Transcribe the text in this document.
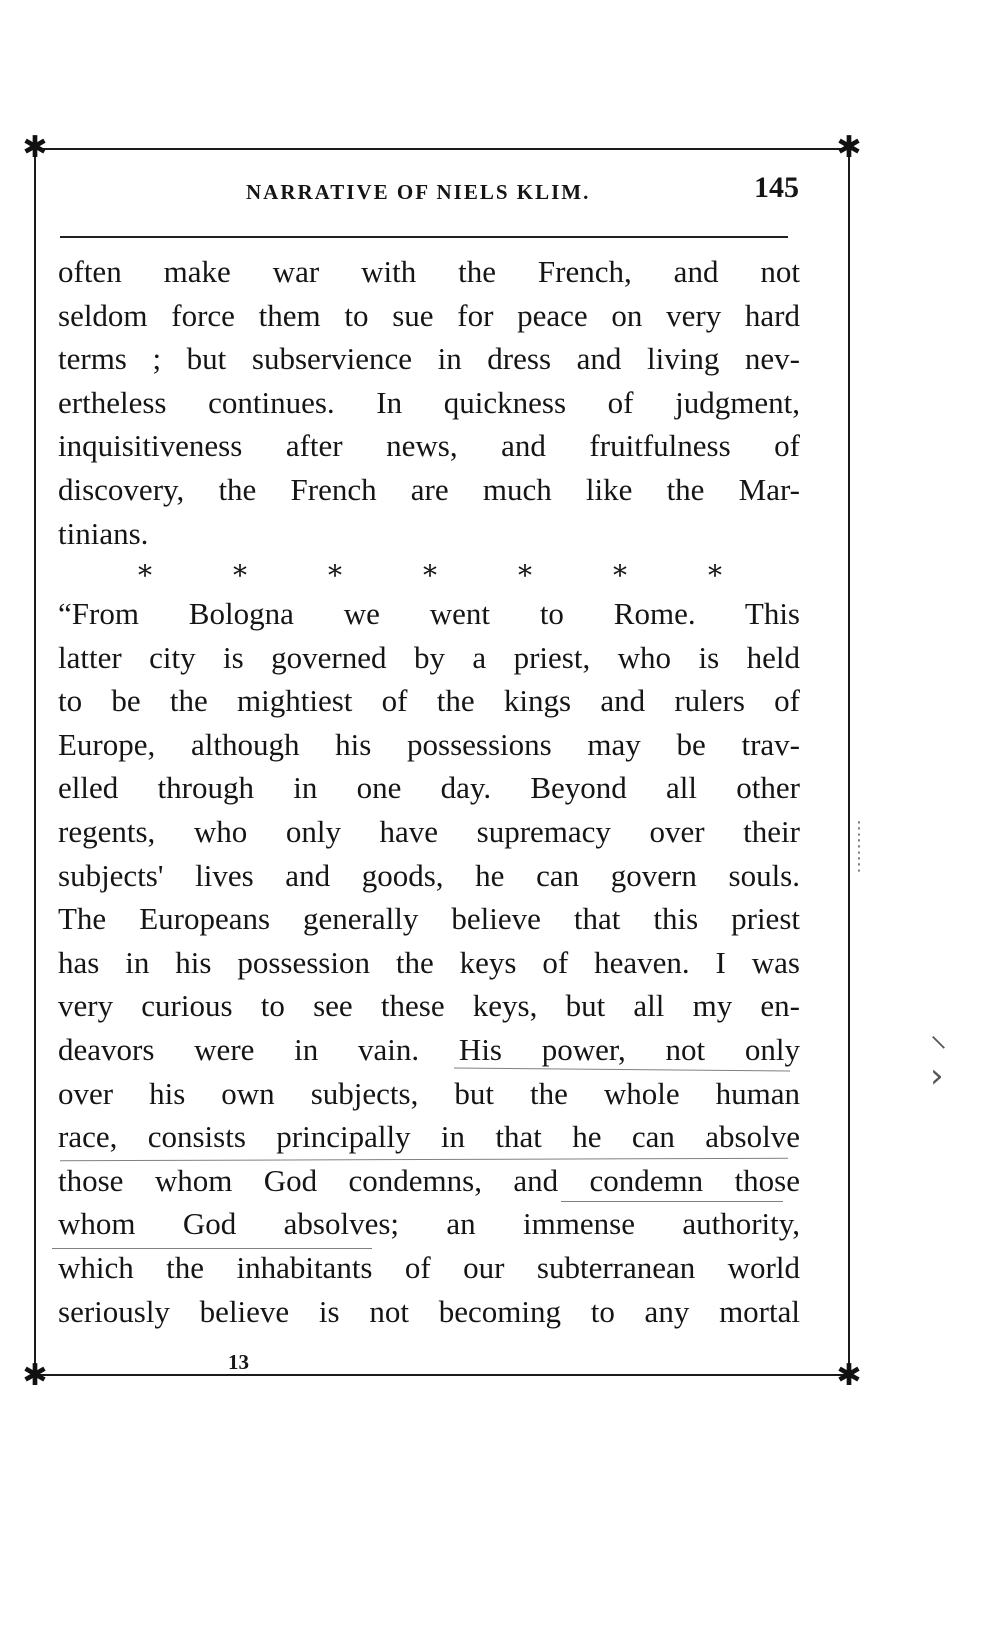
✱	✱
✱	✱
NARRATIVE OF NIELS KLIM.	145
often make war with the French, and not
seldom force them to sue for peace on very hard
terms ; but subservience in dress and living nev-
ertheless continues. In quickness of judgment,
inquisitiveness after news, and fruitfulness of
discovery, the French are much like the Mar-
tinians.
*	*	*	*	*	*	*
“From Bologna we went to Rome. This
latter city is governed by a priest, who is held
to be the mightiest of the kings and rulers of
Europe, although his possessions may be trav-
elled through in one day. Beyond all other
regents, who only have supremacy over their
subjects' lives and goods, he can govern souls.
The Europeans generally believe that this priest
has in his possession the keys of heaven. I was
very curious to see these keys, but all my en-
deavors were in vain. His power, not only
over his own subjects, but the whole human
race, consists principally in that he can absolve
those whom God condemns, and condemn those
whom God absolves; an immense authority,
which the inhabitants of our subterranean world
seriously believe is not becoming to any mortal
⋮
⋮
⋮
⸜
›
13
